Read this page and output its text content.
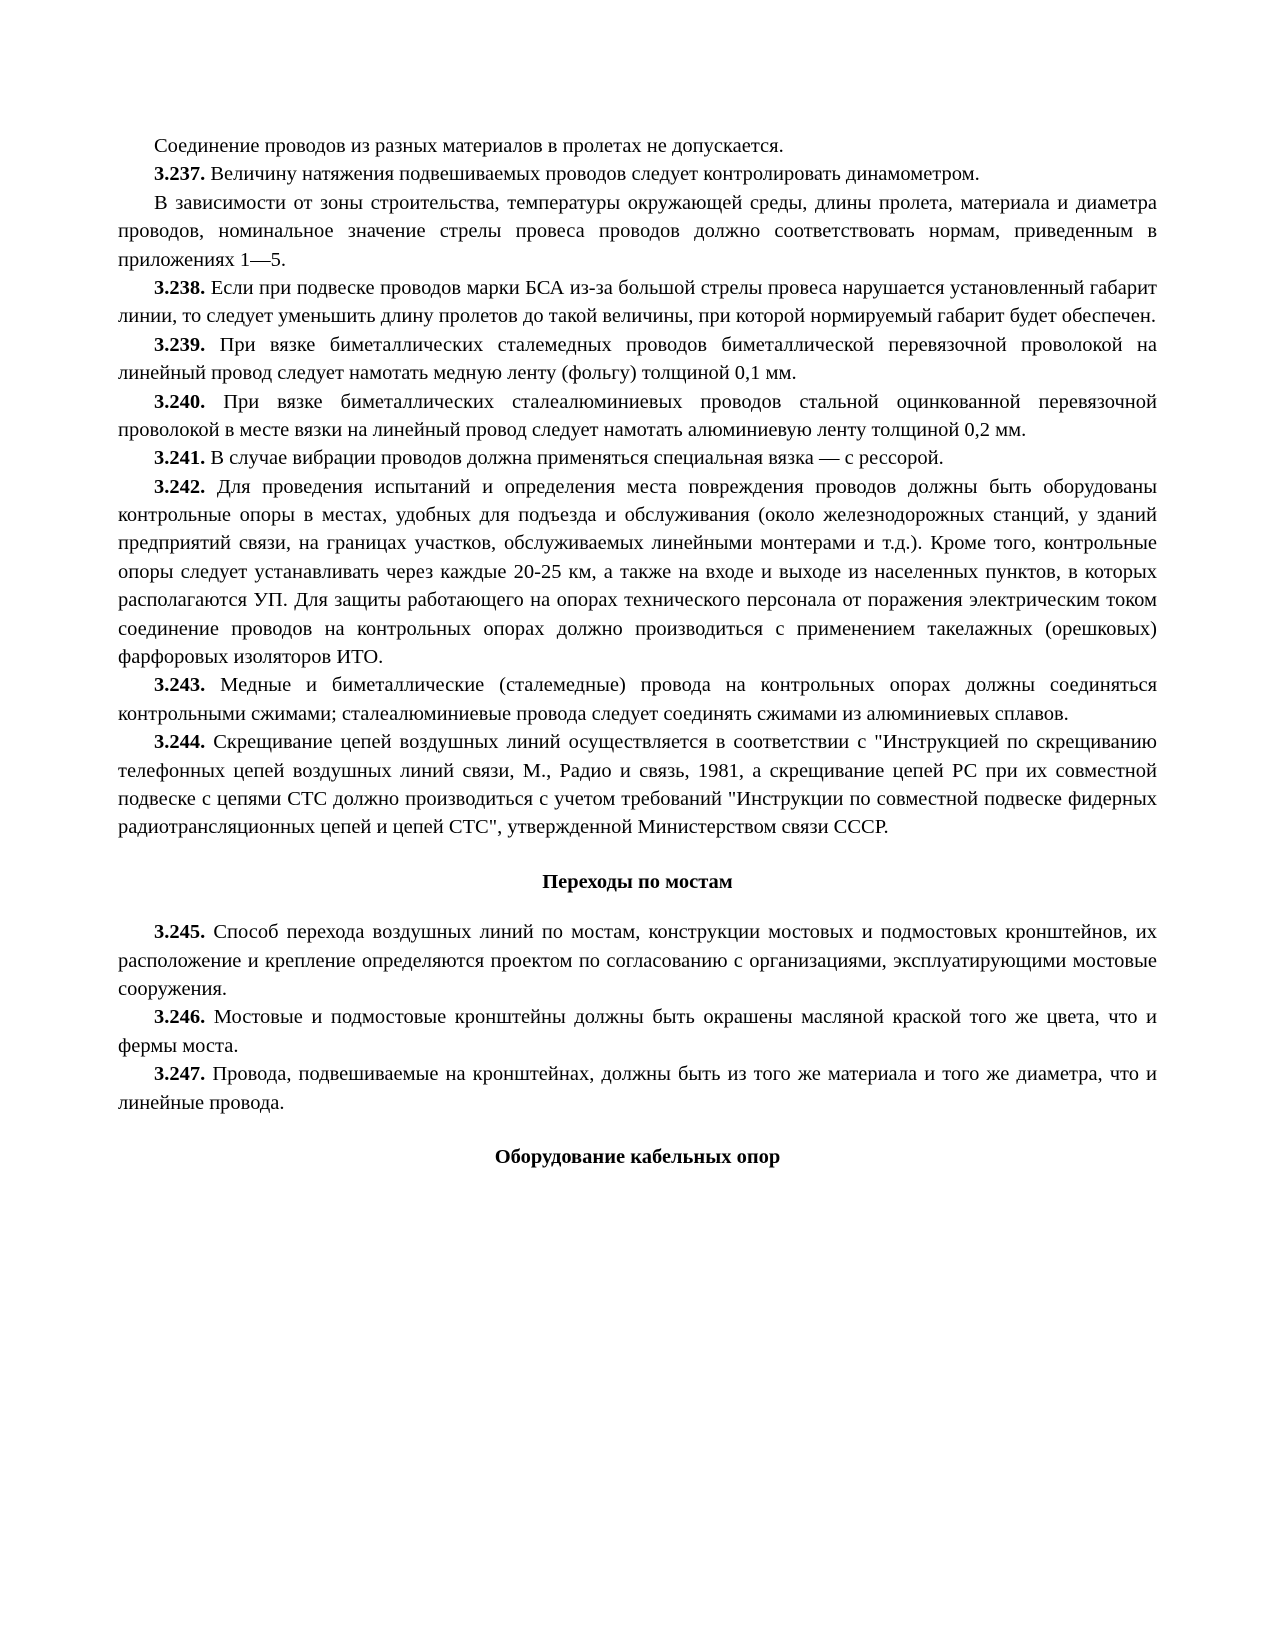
Соединение проводов из разных материалов в пролетах не допускается.

3.237. Величину натяжения подвешиваемых проводов следует контролировать динамометром.

В зависимости от зоны строительства, температуры окружающей среды, длины пролета, материала и диаметра проводов, номинальное значение стрелы провеса проводов должно соответствовать нормам, приведенным в приложениях 1—5.

3.238. Если при подвеске проводов марки БСА из-за большой стрелы провеса нарушается установленный габарит линии, то следует уменьшить длину пролетов до такой величины, при которой нормируемый габарит будет обеспечен.

3.239. При вязке биметаллических сталемедных проводов биметаллической перевязочной проволокой на линейный провод следует намотать медную ленту (фольгу) толщиной 0,1 мм.

3.240. При вязке биметаллических сталеалюминиевых проводов стальной оцинкованной перевязочной проволокой в месте вязки на линейный провод следует намотать алюминиевую ленту толщиной 0,2 мм.

3.241. В случае вибрации проводов должна применяться специальная вязка — с рессорой.

3.242. Для проведения испытаний и определения места повреждения проводов должны быть оборудованы контрольные опоры в местах, удобных для подъезда и обслуживания (около железнодорожных станций, у зданий предприятий связи, на границах участков, обслуживаемых линейными монтерами и т.д.). Кроме того, контрольные опоры следует устанавливать через каждые 20-25 км, а также на входе и выходе из населенных пунктов, в которых располагаются УП. Для защиты работающего на опорах технического персонала от поражения электрическим током соединение проводов на контрольных опорах должно производиться с применением такелажных (орешковых) фарфоровых изоляторов ИТО.

3.243. Медные и биметаллические (сталемедные) провода на контрольных опорах должны соединяться контрольными сжимами; сталеалюминиевые провода следует соединять сжимами из алюминиевых сплавов.

3.244. Скрещивание цепей воздушных линий осуществляется в соответствии с "Инструкцией по скрещиванию телефонных цепей воздушных линий связи, М., Радио и связь, 1981, а скрещивание цепей РС при их совместной подвеске с цепями СТС должно производиться с учетом требований "Инструкции по совместной подвеске фидерных радиотрансляционных цепей и цепей СТС", утвержденной Министерством связи СССР.

Переходы по мостам

3.245. Способ перехода воздушных линий по мостам, конструкции мостовых и подмостовых кронштейнов, их расположение и крепление определяются проектом по согласованию с организациями, эксплуатирующими мостовые сооружения.

3.246. Мостовые и подмостовые кронштейны должны быть окрашены масляной краской того же цвета, что и фермы моста.

3.247. Провода, подвешиваемые на кронштейнах, должны быть из того же материала и того же диаметра, что и линейные провода.

Оборудование кабельных опор
